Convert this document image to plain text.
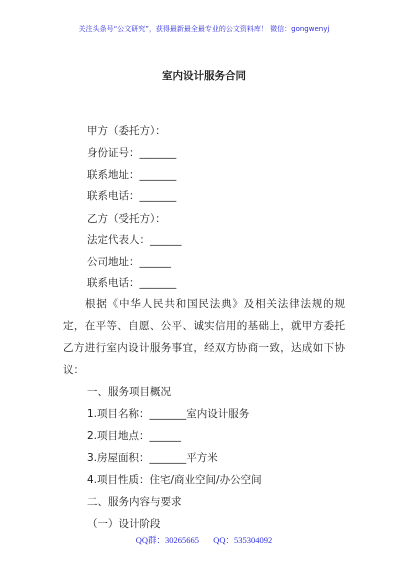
关注头条号“公文研究”，获得最新最全最专业的公文资料库！ 微信：gongwenyj
室内设计服务合同
甲方（委托方）：
身份证号：_______
联系地址：_______
联系电话：_______
乙方（受托方）：
法定代表人：______
公司地址：______
联系电话：_______
根据《中华人民共和国民法典》及相关法律法规的规定，在平等、自愿、公平、诚实信用的基础上，就甲方委托乙方进行室内设计服务事宜，经双方协商一致，达成如下协议：
一、服务项目概况
1.项目名称：_______室内设计服务
2.项目地点：______
3.房屋面积：_______平方米
4.项目性质：住宅/商业空间/办公空间
二、服务内容与要求
（一）设计阶段
QQ群：30265665 QQ：535304092
